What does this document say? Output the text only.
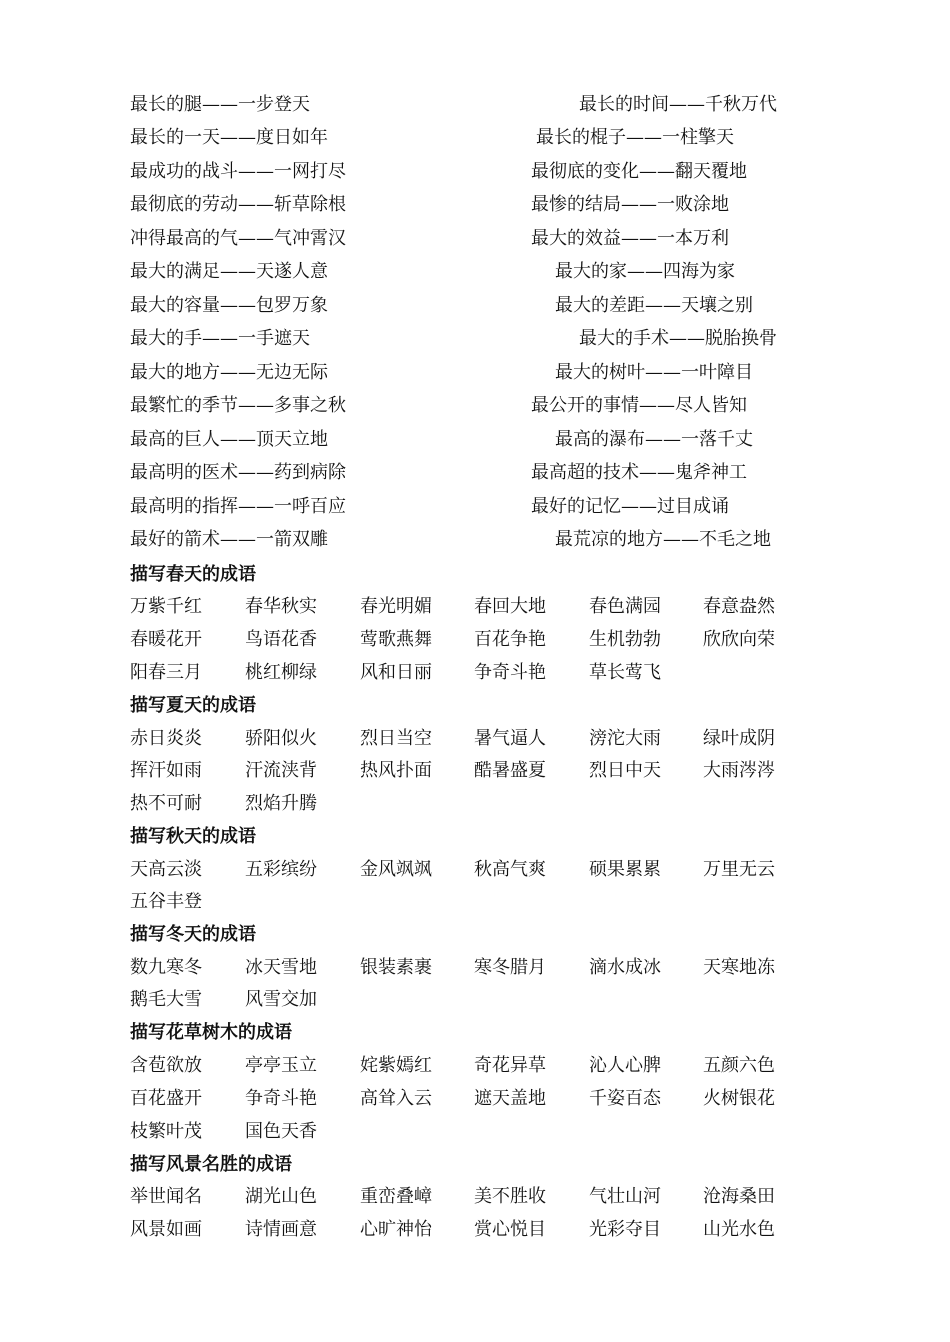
最长的腿——一步登天	最长的时间——千秋万代
最长的一天——度日如年	最长的棍子——一柱擎天
最成功的战斗——一网打尽	最彻底的变化——翻天覆地
最彻底的劳动——斩草除根	最惨的结局——一败涂地
冲得最高的气——气冲霄汉	最大的效益——一本万利
最大的满足——天遂人意	最大的家——四海为家
最大的容量——包罗万象	最大的差距——天壤之别
最大的手——一手遮天	最大的手术——脱胎换骨
最大的地方——无边无际	最大的树叶——一叶障目
最繁忙的季节——多事之秋	最公开的事情——尽人皆知
最高的巨人——顶天立地	最高的瀑布——一落千丈
最高明的医术——药到病除	最高超的技术——鬼斧神工
最高明的指挥——一呼百应	最好的记忆——过目成诵
最好的箭术——一箭双雕	最荒凉的地方——不毛之地
描写春天的成语
万紫千红 春华秋实 春光明媚 春回大地 春色满园 春意盎然
春暖花开 鸟语花香 莺歌燕舞 百花争艳 生机勃勃 欣欣向荣
阳春三月 桃红柳绿 风和日丽 争奇斗艳 草长莺飞
描写夏天的成语
赤日炎炎 骄阳似火 烈日当空 暑气逼人 滂沱大雨 绿叶成阴
挥汗如雨 汗流浃背 热风扑面 酷暑盛夏 烈日中天 大雨涔涔
热不可耐 烈焰升腾
描写秋天的成语
天高云淡 五彩缤纷 金风飒飒 秋高气爽 硕果累累 万里无云
五谷丰登
描写冬天的成语
数九寒冬 冰天雪地 银装素裹 寒冬腊月 滴水成冰 天寒地冻
鹅毛大雪 风雪交加
描写花草树木的成语
含苞欲放 亭亭玉立 姹紫嫣红 奇花异草 沁人心脾 五颜六色
百花盛开 争奇斗艳 高耸入云 遮天盖地 千姿百态 火树银花
枝繁叶茂 国色天香
描写风景名胜的成语
举世闻名 湖光山色 重峦叠嶂 美不胜收 气壮山河 沧海桑田
风景如画 诗情画意 心旷神怡 赏心悦目 光彩夺目 山光水色
